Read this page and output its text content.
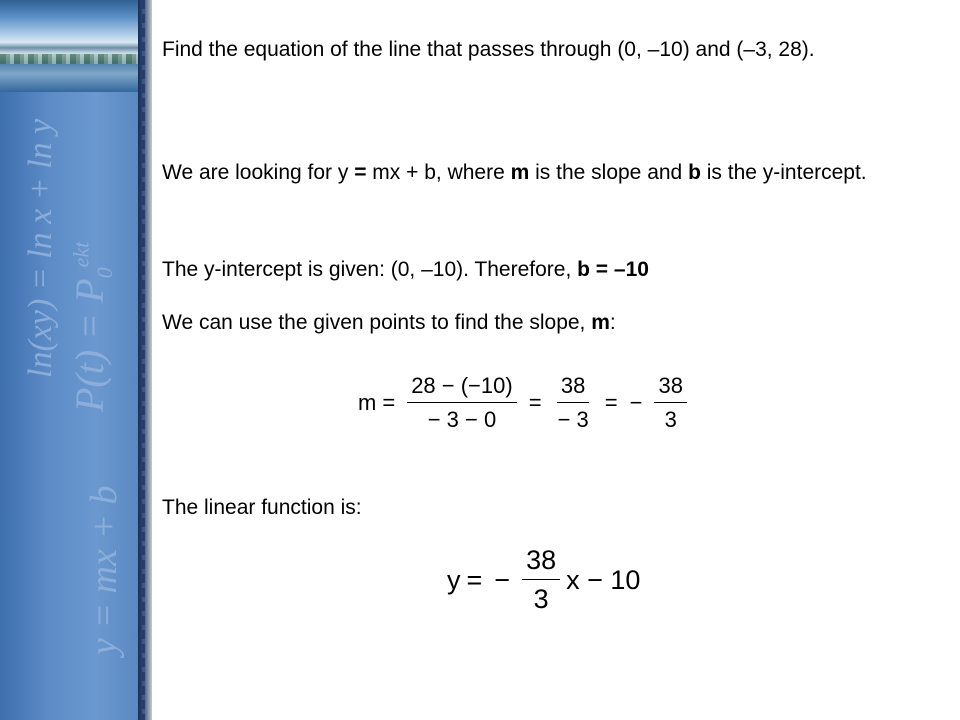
ln(xy) = ln x + ln y $P(t) = P_0^{ekt}$
y = mx + b
Find the equation of the line that passes through (0, –10) and (–3, 28).
We are looking for y = mx + b, where m is the slope and b is the y-intercept.
The y-intercept is given: (0, –10). Therefore, b = –10
We can use the given points to find the slope, m:
$m = \frac{28 - (-10)}{- 3 - 0} = \frac{38}{- 3}$ = − $\frac{38}{3}$
The linear function is:
y = − $\frac{38}{3}$ x − 10
